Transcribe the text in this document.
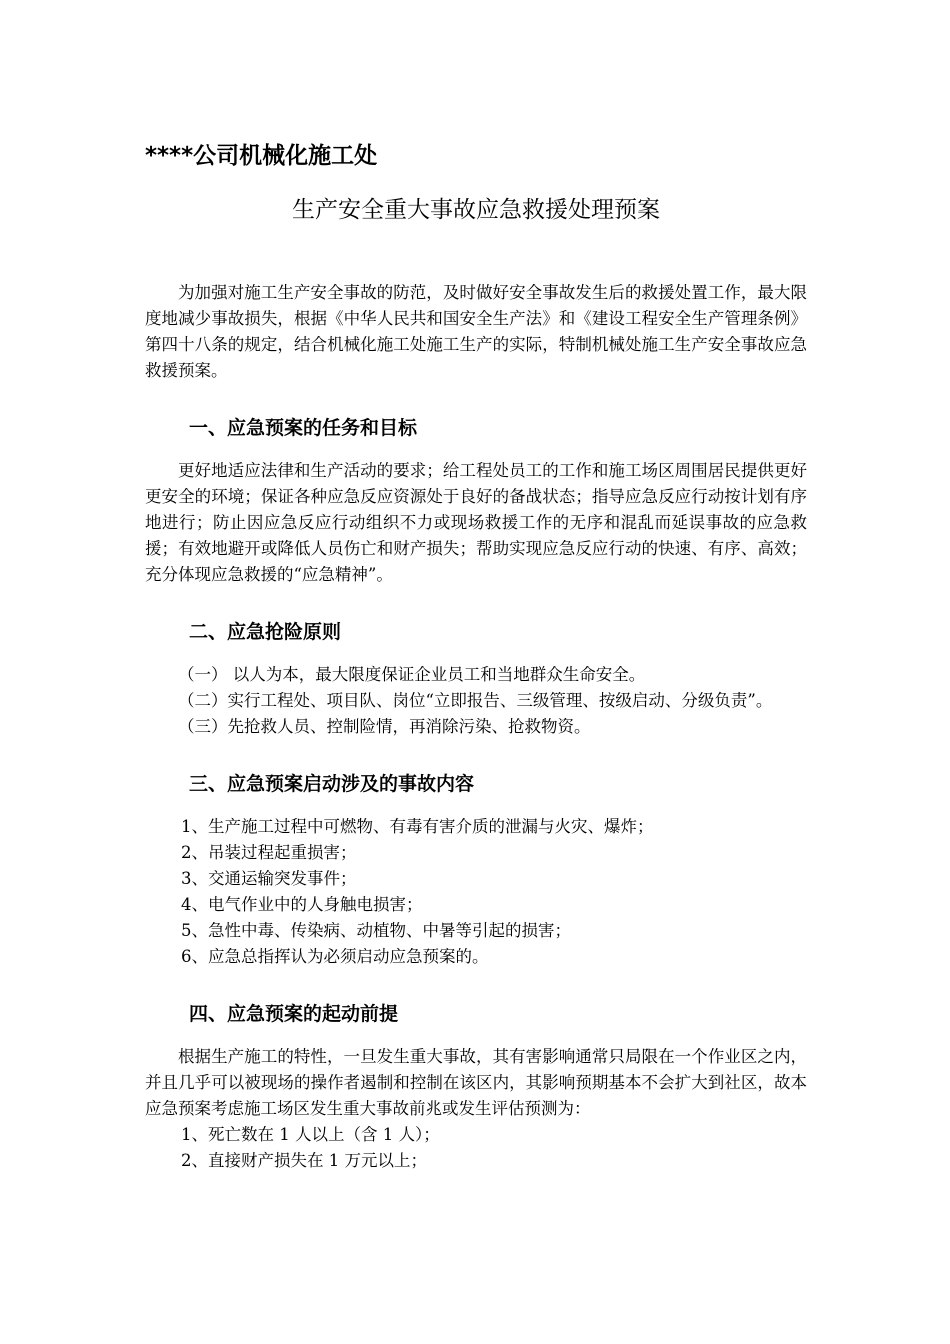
****公司机械化施工处
生产安全重大事故应急救援处理预案

为加强对施工生产安全事故的防范，及时做好安全事故发生后的救援处置工作，最大限度地减少事故损失，根据《中华人民共和国安全生产法》和《建设工程安全生产管理条例》第四十八条的规定，结合机械化施工处施工生产的实际，特制机械处施工生产安全事故应急救援预案。

一、应急预案的任务和目标

更好地适应法律和生产活动的要求；给工程处员工的工作和施工场区周围居民提供更好更安全的环境；保证各种应急反应资源处于良好的备战状态；指导应急反应行动按计划有序地进行；防止因应急反应行动组织不力或现场救援工作的无序和混乱而延误事故的应急救援；有效地避开或降低人员伤亡和财产损失；帮助实现应急反应行动的快速、有序、高效；充分体现应急救援的“应急精神”。

二、应急抢险原则

（一） 以人为本，最大限度保证企业员工和当地群众生命安全。

（二）实行工程处、项目队、岗位“立即报告、三级管理、按级启动、分级负责”。

（三）先抢救人员、控制险情，再消除污染、抢救物资。

三、应急预案启动涉及的事故内容

1、生产施工过程中可燃物、有毒有害介质的泄漏与火灾、爆炸；

2、吊装过程起重损害；

3、交通运输突发事件；

4、电气作业中的人身触电损害；

5、急性中毒、传染病、动植物、中暑等引起的损害；

6、应急总指挥认为必须启动应急预案的。

四、应急预案的起动前提

根据生产施工的特性，一旦发生重大事故，其有害影响通常只局限在一个作业区之内，并且几乎可以被现场的操作者遏制和控制在该区内，其影响预期基本不会扩大到社区，故本应急预案考虑施工场区发生重大事故前兆或发生评估预测为：

1、死亡数在 1 人以上（含 1 人）；

2、直接财产损失在 1 万元以上；
